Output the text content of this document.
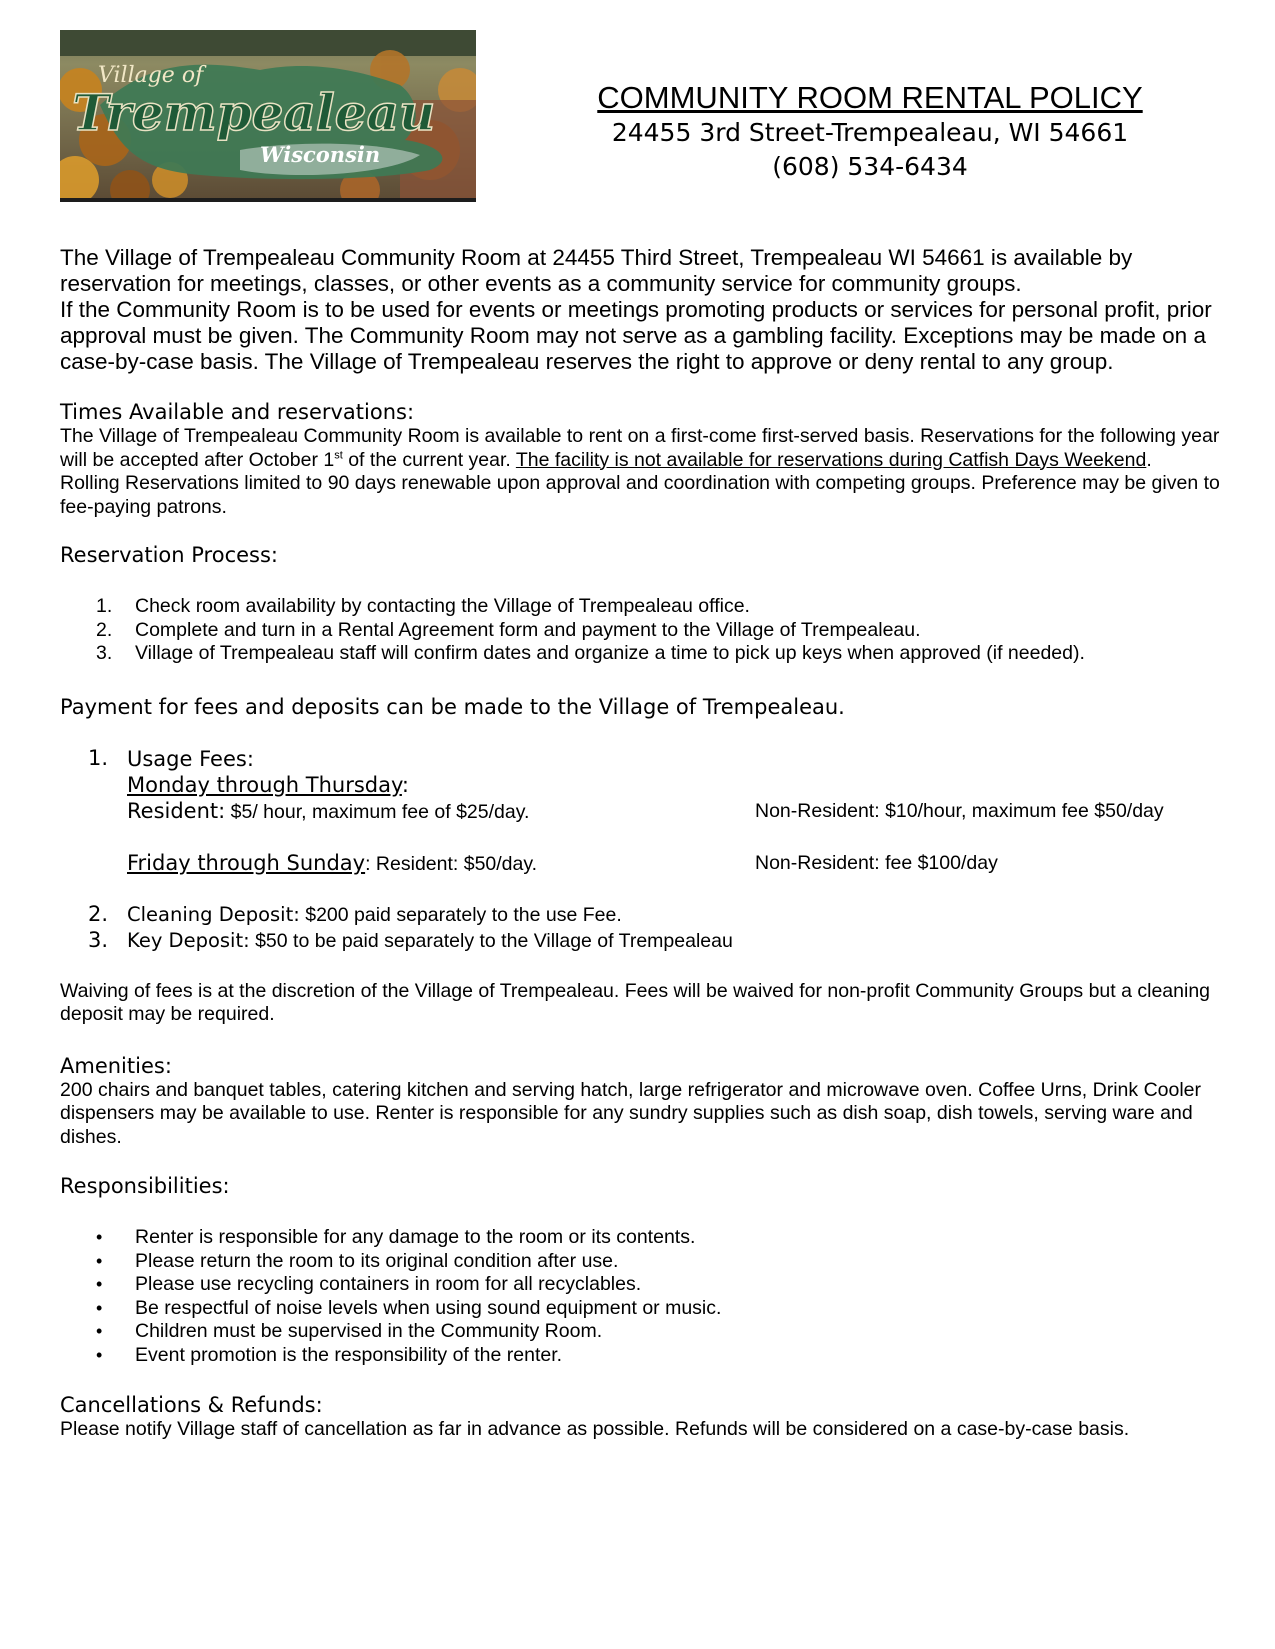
Village of
Trempealeau
Wisconsin
COMMUNITY ROOM RENTAL POLICY
24455 3rd Street-Trempealeau, WI 54661
(608) 534-6434

The Village of Trempealeau Community Room at 24455 Third Street, Trempealeau WI 54661 is available by reservation for meetings, classes, or other events as a community service for community groups.

If the Community Room is to be used for events or meetings promoting products or services for personal profit, prior approval must be given. The Community Room may not serve as a gambling facility. Exceptions may be made on a case-by-case basis. The Village of Trempealeau reserves the right to approve or deny rental to any group.

Times Available and reservations:

The Village of Trempealeau Community Room is available to rent on a first-come first-served basis. Reservations for the following year will be accepted after October 1st of the current year. The facility is not available for reservations during Catfish Days Weekend.

Rolling Reservations limited to 90 days renewable upon approval and coordination with competing groups. Preference may be given to fee-paying patrons.

Reservation Process:

1. Check room availability by contacting the Village of Trempealeau office.
2. Complete and turn in a Rental Agreement form and payment to the Village of Trempealeau.
3. Village of Trempealeau staff will confirm dates and organize a time to pick up keys when approved (if needed).

Payment for fees and deposits can be made to the Village of Trempealeau.

1. Usage Fees:
Monday through Thursday:
Resident: $5/ hour, maximum fee of $25/day.	Non-Resident: $10/hour, maximum fee $50/day
Friday through Sunday: Resident: $50/day.	Non-Resident: fee $100/day
2. Cleaning Deposit: $200 paid separately to the use Fee.
3. Key Deposit: $50 to be paid separately to the Village of Trempealeau

Waiving of fees is at the discretion of the Village of Trempealeau. Fees will be waived for non-profit Community Groups but a cleaning deposit may be required.

Amenities:

200 chairs and banquet tables, catering kitchen and serving hatch, large refrigerator and microwave oven. Coffee Urns, Drink Cooler dispensers may be available to use. Renter is responsible for any sundry supplies such as dish soap, dish towels, serving ware and dishes.

Responsibilities:

• Renter is responsible for any damage to the room or its contents.
• Please return the room to its original condition after use.
• Please use recycling containers in room for all recyclables.
• Be respectful of noise levels when using sound equipment or music.
• Children must be supervised in the Community Room.
• Event promotion is the responsibility of the renter.

Cancellations & Refunds:

Please notify Village staff of cancellation as far in advance as possible. Refunds will be considered on a case-by-case basis.
